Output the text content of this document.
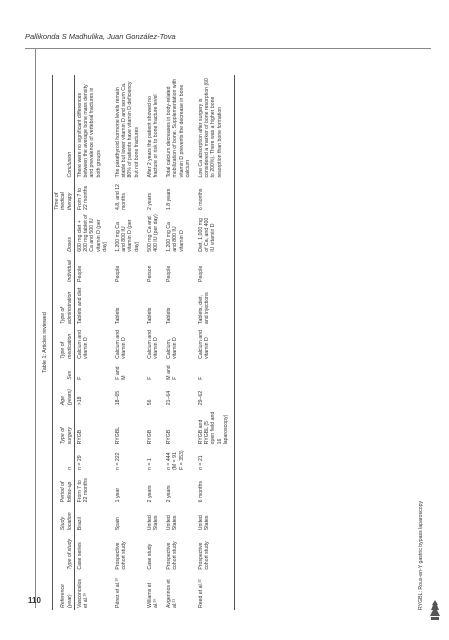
Pallikonda S Madhulika, Juan González-Tova
110
Table 1: Articles reviewed
Reference (year)	Type of study	Study location	Period of follow-up	n	Type of surgery	Age (years)	Sex	Type of medication	Type of administration	Individual	Doses	Time of medical therapy	Conclusion
Vasconcelos et al.¹⁶	Case series	Brazil	From 7 to 22 months	n = 29	RYGB	>18	F	Calcium and vitamin D	Tablets and diet	People	600 mg diet + 200 mg tablet of Ca and 500 IU vitamin D (per day)	From 7 to 22 months	There were no significant differences between the average bone mass density and prevalence of vertebral fractures in both groups
Pérez et al.¹⁹	Prospective cohort study	Spain	1 year	n = 222	RYGBL	18–65	F and M	Calcium and vitamin D	Tablets	People	1,200 mg Ca and 800 IU vitamin D (per day)	4,8, and 12 months	The parathyroid hormone levels remain stable but lower vitamin D and serum Ca. 80% of patients have vitamin D deficiency but not bone fractures
Williams et al.²⁰	Case study	United States	2 years	n = 1	RYGB	56	F	Calcium and vitamin D	Tablets	Person	500 mg Ca and 400 IU (per day)	2 years	After 2 years the patient showed no fracture or risk to bone fracture level
Avgerinos et al.²¹	Prospective cohort study	United States	2 years	n = 444 (M = 91 F = 353)	RYGB	21–64	M and F	Calcium, vitamin D	Tablets	People	1,200 mg Ca and 800 IU vitamin D	1.8 years	Total calcium decreases in body-related mobilization of bone. Supplementation with vitamin D prevents the decrease in bone calcium
Reed et al.²²	Prospective cohort study	United States	6 months	n = 21	RYGB and RYGBL (5 open field and 16 laparoscopy)	29–62	F	Calcium and vitamin D	Tablets, diet, and injections	People	Diet, 1,000 mg of Ca, and 400 IU vitamin D	6 months	Low Ca absorption after surgery is considered a marker of bone resorption (60 to 200%). There was a higher bone resorption than bone formation
RYGBL: Roux-en-Y gastric bypass laparoscopy
